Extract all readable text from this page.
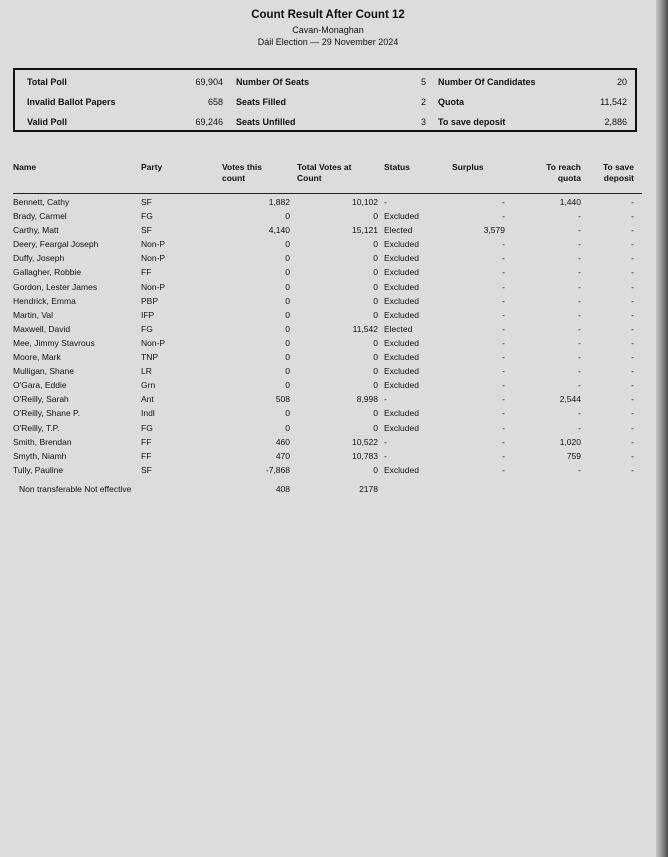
Count Result After Count 12
Cavan-Monaghan
Dáil Election — 29 November 2024
Total Poll	69,904 Number Of Seats	5 Number Of Candidates	20
Invalid Ballot Papers	658 Seats Filled	2 Quota	11,542
Valid Poll	69,246 Seats Unfilled	3 To save deposit	2,886
Name	Party	Votes this
count
Total Votes at
Count
Status	Surplus	To reach
quota
To save
deposit
Bennett, Cathy	SF	1,882	10,102 -	-	1,440	-
Brady, Carmel	FG	0	0 Excluded	-	-	-
Carthy, Matt	SF	4,140	15,121 Elected	3,579	-	-
Deery, Feargal Joseph	Non-P	0	0 Excluded	-	-	-
Duffy, Joseph	Non-P	0	0 Excluded	-	-	-
Gallagher, Robbie	FF	0	0 Excluded	-	-	-
Gordon, Lester James	Non-P	0	0 Excluded	-	-	-
Hendrick, Emma	PBP	0	0 Excluded	-	-	-
Martin, Val	IFP	0	0 Excluded	-	-	-
Maxwell, David	FG	0	11,542 Elected	-	-	-
Mee, Jimmy Stavrous	Non-P	0	0 Excluded	-	-	-
Moore, Mark	TNP	0	0 Excluded	-	-	-
Mulligan, Shane	LR	0	0 Excluded	-	-	-
O'Gara, Eddie	Grn	0	0 Excluded	-	-	-
O'Reilly, Sarah	Ant	508	8,998 -	-	2,544	-
O'Reilly, Shane P.	Indl	0	0 Excluded	-	-	-
O'Reilly, T.P.	FG	0	0 Excluded	-	-	-
Smith, Brendan	FF	460	10,522 -	-	1,020	-
Smyth, Niamh	FF	470	10,783 -	-	759	-
Tully, Pauline	SF	-7,868	0 Excluded	-	-	-
Non transferable Not effective	408	2178
